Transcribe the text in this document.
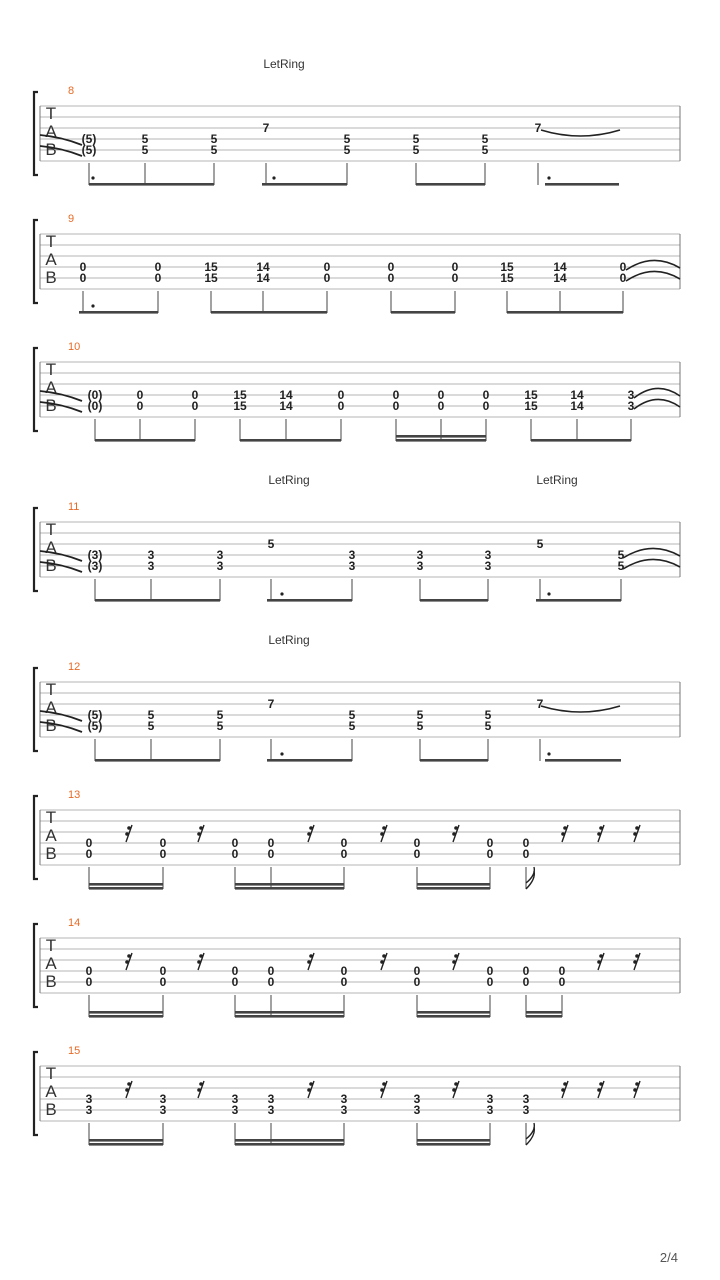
T
A
B
8
LetRing
(5)
(5)
5
5
5
5
7
5
5
5
5
5
5
7
T
A
B
9
0
0
0
0
15
15
14
14
0
0
0
0
0
0
15
15
14
14
0
0
T
A
B
10
(0)
(0)
0
0
0
0
15
15
14
14
0
0
0
0
0
0
0
0
15
15
14
14
3
3
T
A
B
11
LetRing	LetRing
(3)
(3)
3
3
3
3
5
3
3
3
3
3
3
5
5
5
T
A
B
12
LetRing
(5)
(5)
5
5
5
5
7
5
5
5
5
5
5
7
T
A
B
13
0
0
0
0
0
0
0
0
0
0
0
0
0
0
0
0
T
A
B
14
0
0
0
0
0
0
0
0
0
0
0
0
0
0
0
0
0
0
T
A
B
15
3
3
3
3
3
3
3
3
3
3
3
3
3
3
3
3
2/4
